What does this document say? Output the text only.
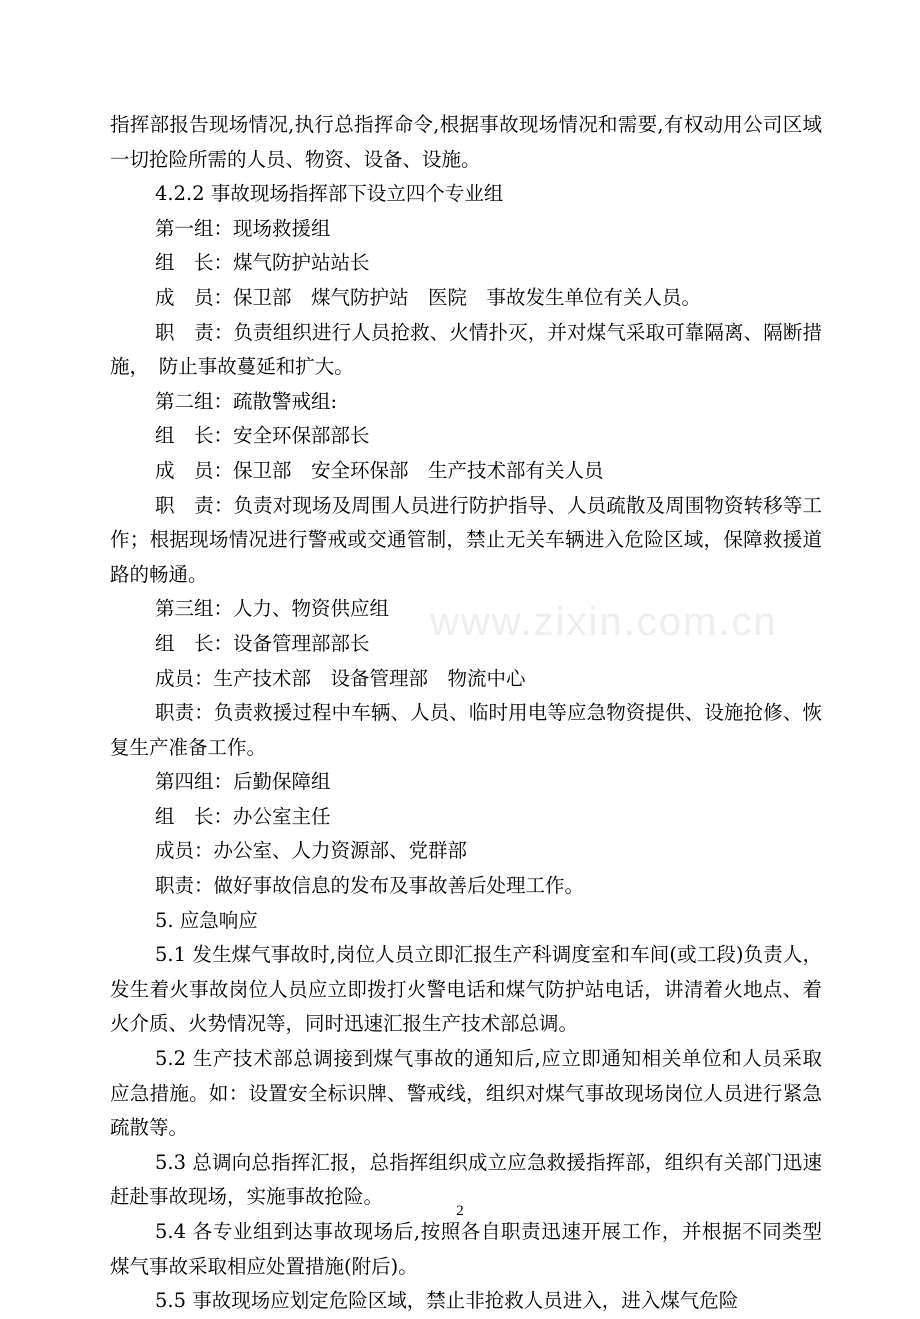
www.zixin.com.cn

指挥部报告现场情况,执行总指挥命令,根据事故现场情况和需要,有权动用公司区域一切抢险所需的人员、物资、设备、设施。

4.2.2 事故现场指挥部下设立四个专业组

第一组：现场救援组

组　长：煤气防护站站长

成　员：保卫部　煤气防护站　医院　事故发生单位有关人员。

职　责：负责组织进行人员抢救、火情扑灭，并对煤气采取可靠隔离、隔断措施，　防止事故蔓延和扩大。

第二组：疏散警戒组:

组　长：安全环保部部长

成　员：保卫部　安全环保部　生产技术部有关人员

职　责：负责对现场及周围人员进行防护指导、人员疏散及周围物资转移等工作；根据现场情况进行警戒或交通管制，禁止无关车辆进入危险区域，保障救援道路的畅通。

第三组：人力、物资供应组

组　长：设备管理部部长

成员：生产技术部　设备管理部　物流中心

职责：负责救援过程中车辆、人员、临时用电等应急物资提供、设施抢修、恢复生产准备工作。

第四组：后勤保障组

组　长：办公室主任

成员：办公室、人力资源部、党群部

职责：做好事故信息的发布及事故善后处理工作。

5. 应急响应

5.1 发生煤气事故时,岗位人员立即汇报生产科调度室和车间(或工段)负责人，发生着火事故岗位人员应立即拨打火警电话和煤气防护站电话，讲清着火地点、着火介质、火势情况等，同时迅速汇报生产技术部总调。

5.2 生产技术部总调接到煤气事故的通知后,应立即通知相关单位和人员采取应急措施。如：设置安全标识牌、警戒线，组织对煤气事故现场岗位人员进行紧急疏散等。

5.3 总调向总指挥汇报，总指挥组织成立应急救援指挥部，组织有关部门迅速赶赴事故现场，实施事故抢险。

5.4 各专业组到达事故现场后,按照各自职责迅速开展工作，并根据不同类型煤气事故采取相应处置措施(附后)。

5.5 事故现场应划定危险区域，禁止非抢救人员进入，进入煤气危险

2
